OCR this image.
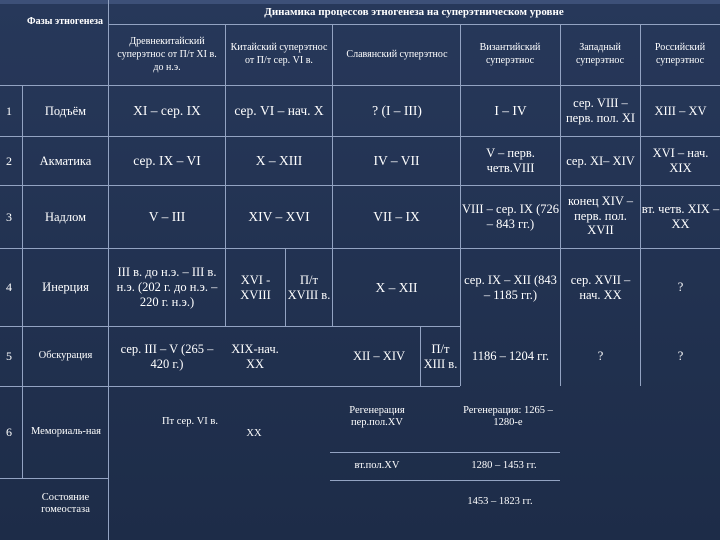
Фазы этногенеза
Динамика процессов этногенеза на суперэтническом уровне
Древнекитайский суперэтнос от П/т XI в. до н.э.
Китайский суперэтнос от П/т сер. VI в.
Славянский суперэтнос
Византийский суперэтнос
Западный суперэтнос
Российский суперэтнос
1
2
3
4
5
6
Подъём
Акматика
Надлом
Инерция
Обскурация
Мемориаль-ная
Состояние гомеостаза
XI – сер. IX
сер. IX – VI
V – III
III в. до н.э. – III в. н.э. (202 г. до н.э. – 220 г. н.э.)
сер. III – V (265 – 420 г.)
Пт сер. VI в.
сер. VI – нач. X
X – XIII
XIV – XVI
XVI - XVIII
П/т XVIII в.
XIX-нач. XX
XX
? (I – III)
IV – VII
VII – IX
X – XII
XII – XIV
П/т XIII в.
Регенерация пер.пол.XV
вт.пол.XV
I – IV
V – перв. четв.VIII
VIII – сер. IX (726 – 843 гг.)
сер. IX – XII (843 – 1185 гг.)
1186 – 1204 гг.
Регенерация: 1265 – 1280-е
1280 – 1453 гг.
1453 – 1823 гг.
сер. VIII – перв. пол. XI
сер. XI– XIV
конец XIV – перв. пол. XVII
сер. XVII – нач. XX
?
XIII – XV
XVI – нач. XIX
вт. четв. XIX – XX
?
?
